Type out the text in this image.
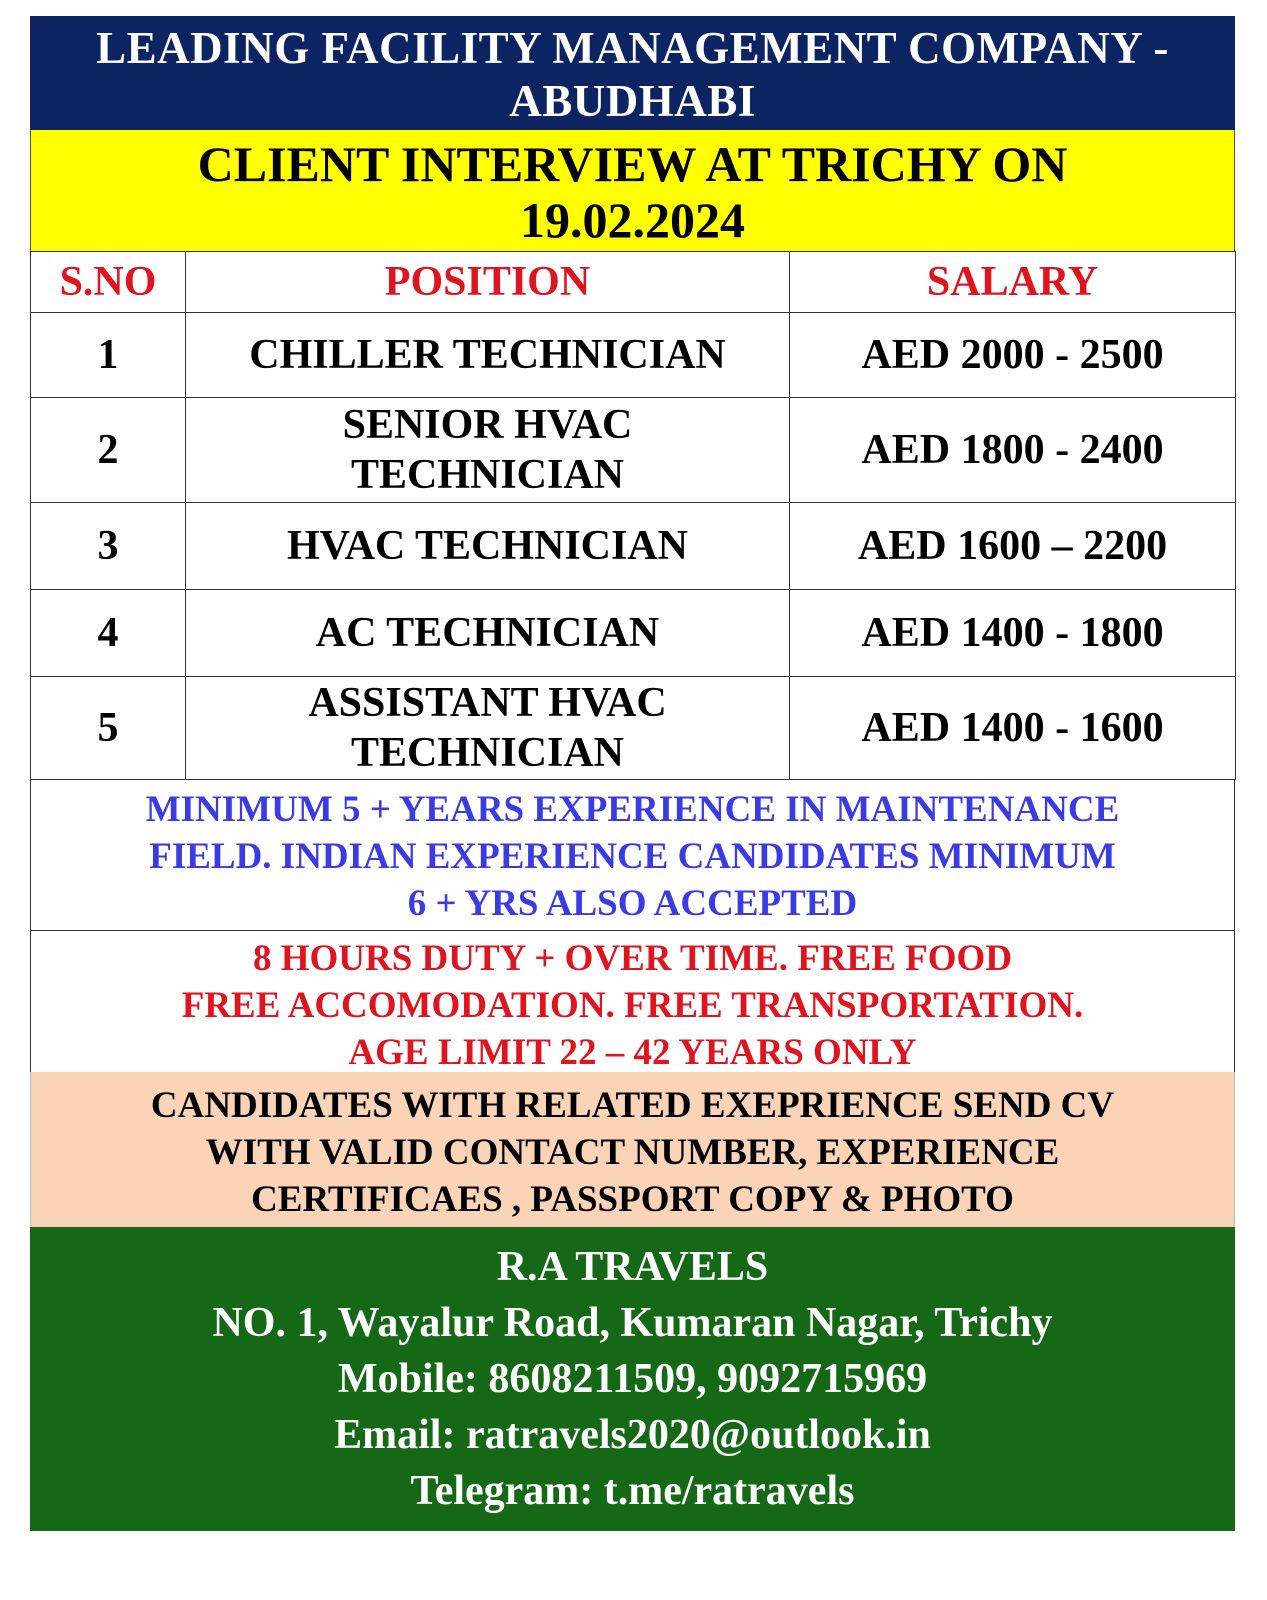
LEADING FACILITY MANAGEMENT COMPANY -
ABUDHABI
CLIENT INTERVIEW AT TRICHY ON
19.02.2024
S.NO	POSITION	SALARY
1	CHILLER TECHNICIAN	AED 2000 - 2500
2	SENIOR HVAC
TECHNICIAN	AED 1800 - 2400
3	HVAC TECHNICIAN	AED 1600 – 2200
4	AC TECHNICIAN	AED 1400 - 1800
5	ASSISTANT HVAC
TECHNICIAN	AED 1400 - 1600
MINIMUM 5 + YEARS EXPERIENCE IN MAINTENANCE
FIELD. INDIAN EXPERIENCE CANDIDATES MINIMUM
6 + YRS ALSO ACCEPTED
8 HOURS DUTY + OVER TIME. FREE FOOD
FREE ACCOMODATION. FREE TRANSPORTATION.
AGE LIMIT 22 – 42 YEARS ONLY
CANDIDATES WITH RELATED EXEPRIENCE SEND CV
WITH VALID CONTACT NUMBER, EXPERIENCE
CERTIFICAES , PASSPORT COPY & PHOTO
R.A TRAVELS
NO. 1, Wayalur Road, Kumaran Nagar, Trichy
Mobile: 8608211509, 9092715969
Email: ratravels2020@outlook.in
Telegram: t.me/ratravels
